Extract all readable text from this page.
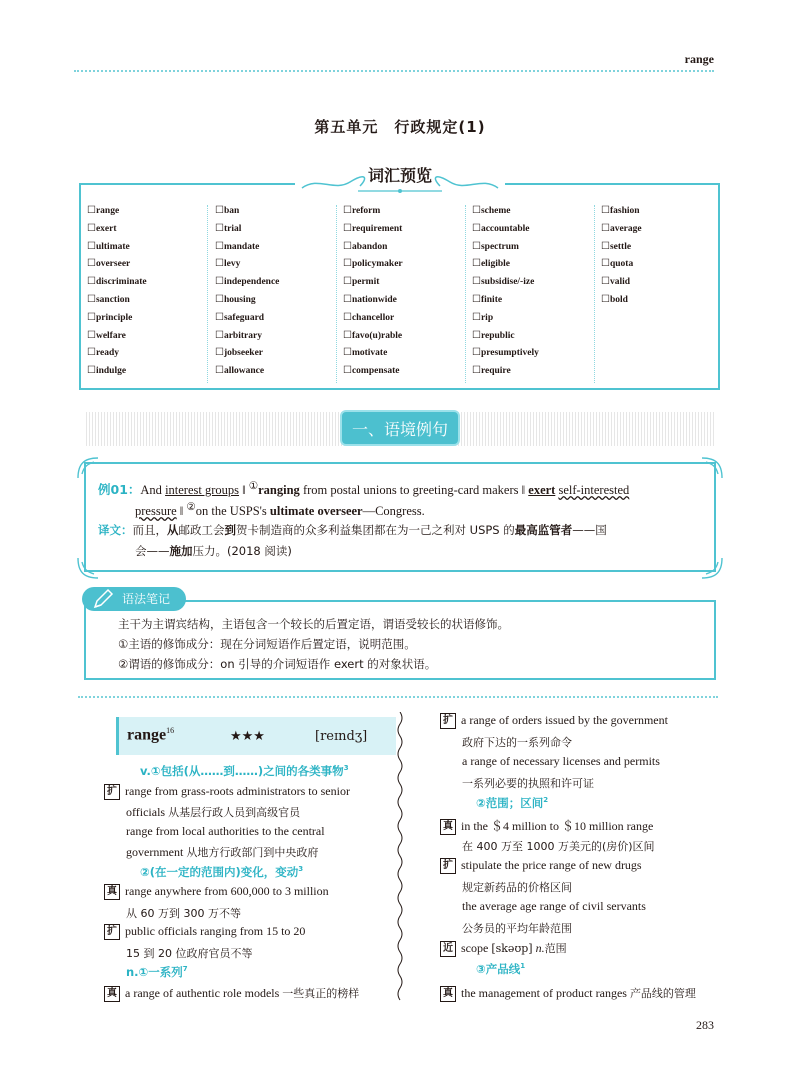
range
第五单元　行政规定(1)
词汇预览
☐ range
☐ exert
☐ ultimate
☐ overseer
☐ discriminate
☐ sanction
☐ principle
☐ welfare
☐ ready
☐ indulge
☐ ban
☐ trial
☐ mandate
☐ levy
☐ independence
☐ housing
☐ safeguard
☐ arbitrary
☐ jobseeker
☐ allowance
☐ reform
☐ requirement
☐ abandon
☐ policymaker
☐ permit
☐ nationwide
☐ chancellor
☐ favo(u)rable
☐ motivate
☐ compensate
☐ scheme
☐ accountable
☐ spectrum
☐ eligible
☐ subsidise/-ize
☐ finite
☐ rip
☐ republic
☐ presumptively
☐ require
☐ fashion
☐ average
☐ settle
☐ quota
☐ valid
☐ bold
一、语境例句
例01：And interest groups ‖ ①ranging from postal unions to greeting-card makers ‖ exert self-interested
pressure ‖ ②on the USPS's ultimate overseer—Congress.
译文：而且，从邮政工会到贺卡制造商的众多利益集团都在为一己之利对 USPS 的最高监管者——国
会——施加压力。(2018 阅读)
语法笔记
主干为主谓宾结构，主语包含一个较长的后置定语，谓语受较长的状语修饰。
①主语的修饰成分：现在分词短语作后置定语，说明范围。
②谓语的修饰成分：on 引导的介词短语作 exert 的对象状语。
range$^{16}$	★★★	[reɪndʒ]
v.①包括(从……到……)之间的各类事物$^3$
扩 range from grass-roots administrators to senior
officials 从基层行政人员到高级官员
range from local authorities to the central
government 从地方行政部门到中央政府
②(在一定的范围内)变化，变动$^3$
真 range anywhere from 600,000 to 3 million
从 60 万到 300 万不等
扩 public officials ranging from 15 to 20
15 到 20 位政府官员不等
n.①一系列$^7$
真 a range of authentic role models 一些真正的榜样
扩 a range of orders issued by the government
政府下达的一系列命令
a range of necessary licenses and permits
一系列必要的执照和许可证
②范围；区间$^2$
真 in the ＄4 million to ＄10 million range
在 400 万至 1000 万美元的(房价)区间
扩 stipulate the price range of new drugs
规定新药品的价格区间
the average age range of civil servants
公务员的平均年龄范围
近 scope [skəʊp] n.范围
③产品线$^1$
真 the management of product ranges 产品线的管理
283
